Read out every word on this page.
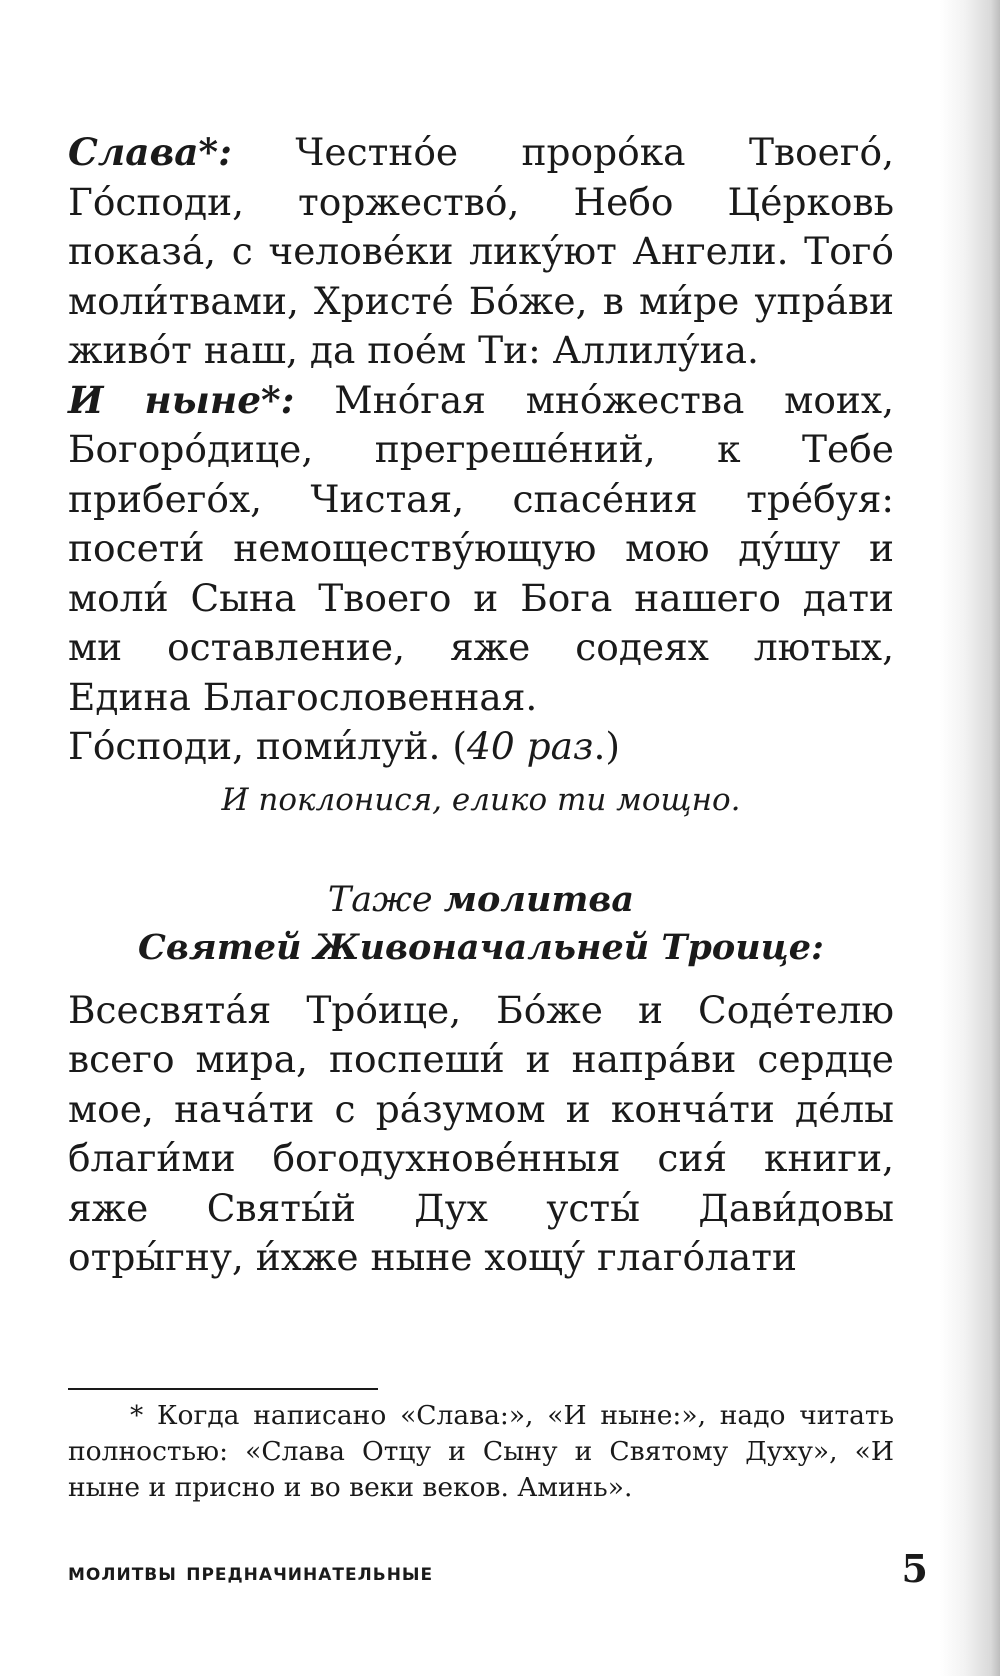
Слава*: Честно́е проро́ка Твоего́, Го́споди, торжество́, Небо Це́рковь показа́, с челове́ки лику́ют Ангели. Того́ моли́твами, Христе́ Бо́же, в ми́ре упра́ви живо́т наш, да пое́м Ти: Аллилу́иа.

И ныне*: Мно́гая мно́жества моих, Богоро́дице, прегреше́ний, к Тебе прибего́х, Чистая, спасе́ния тре́буя: посети́ немоществу́ющую мою ду́шу и моли́ Сына Твоего и Бога нашего дати ми оставление, яже содеях лютых, Едина Благословенная.

Го́споди, поми́луй. (40 раз.)

И поклонися, елико ти мощно.

Таже молитва
Святей Живоначальней Троице:

Всесвята́я Тро́ице, Бо́же и Соде́телю всего мира, поспеши́ и напра́ви сердце мое, нача́ти с ра́зумом и конча́ти де́лы благи́ми богодухнове́нныя сия́ книги, яже Святы́й Дух усты́ Дави́довы отры́гну, и́хже ныне хощу́ глаго́лати

* Когда написано «Слава:», «И ныне:», надо читать полностью: «Слава Отцу и Сыну и Святому Духу», «И ныне и присно и во веки веков. Аминь».
молитвы предначинательные	5
